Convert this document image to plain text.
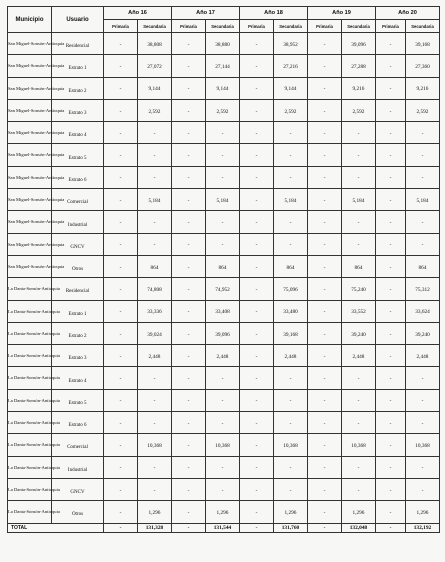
Municipio	Usuario	Año 16		Año 17		Año 18		Año 19		Año 20	
		Primaria	Secundaria	Primaria	Secundaria	Primaria	Secundaria	Primaria	Secundaria	Primaria	Secundaria
San Miguel-Sonsón-Antioquia	Residencial	-	38,808	-	38,880	-	38,952	-	39,096	-	39,168
San Miguel-Sonsón-Antioquia	Estrato 1	-	27,072	-	27,144	-	27,216	-	27,288	-	27,360
San Miguel-Sonsón-Antioquia	Estrato 2	-	9,144	-	9,144	-	9,144	-	9,216	-	9,216
San Miguel-Sonsón-Antioquia	Estrato 3	-	2,592	-	2,592	-	2,592	-	2,592	-	2,592
San Miguel-Sonsón-Antioquia	Estrato 4	-	-	-	-	-	-	-	-	-	-
San Miguel-Sonsón-Antioquia	Estrato 5	-	-	-	-	-	-	-	-	-	-
San Miguel-Sonsón-Antioquia	Estrato 6	-	-	-	-	-	-	-	-	-	-
San Miguel-Sonsón-Antioquia	Comercial	-	5,184	-	5,184	-	5,184	-	5,184	-	5,184
San Miguel-Sonsón-Antioquia	Industrial	-	-	-	-	-	-	-	-	-	-
San Miguel-Sonsón-Antioquia	GNCV	-	-	-	-	-	-	-	-	-	-
San Miguel-Sonsón-Antioquia	Otros	-	864	-	864	-	864	-	864	-	864
La Danta-Sonsón-Antioquia	Residencial	-	74,808	-	74,952	-	75,096	-	75,240	-	75,312
La Danta-Sonsón-Antioquia	Estrato 1	-	33,336	-	33,408	-	33,480	-	33,552	-	33,624
La Danta-Sonsón-Antioquia	Estrato 2	-	39,024	-	39,096	-	39,168	-	39,240	-	39,240
La Danta-Sonsón-Antioquia	Estrato 3	-	2,448	-	2,448	-	2,448	-	2,448	-	2,448
La Danta-Sonsón-Antioquia	Estrato 4	-	-	-	-	-	-	-	-	-	-
La Danta-Sonsón-Antioquia	Estrato 5	-	-	-	-	-	-	-	-	-	-
La Danta-Sonsón-Antioquia	Estrato 6	-	-	-	-	-	-	-	-	-	-
La Danta-Sonsón-Antioquia	Comercial	-	10,368	-	10,368	-	10,368	-	10,368	-	10,368
La Danta-Sonsón-Antioquia	Industrial	-	-	-	-	-	-	-	-	-	-
La Danta-Sonsón-Antioquia	GNCV	-	-	-	-	-	-	-	-	-	-
La Danta-Sonsón-Antioquia	Otros	-	1,296	-	1,296	-	1,296	-	1,296	-	1,296
TOTAL		-	131,328	-	131,544	-	131,760	-	132,048	-	132,192
